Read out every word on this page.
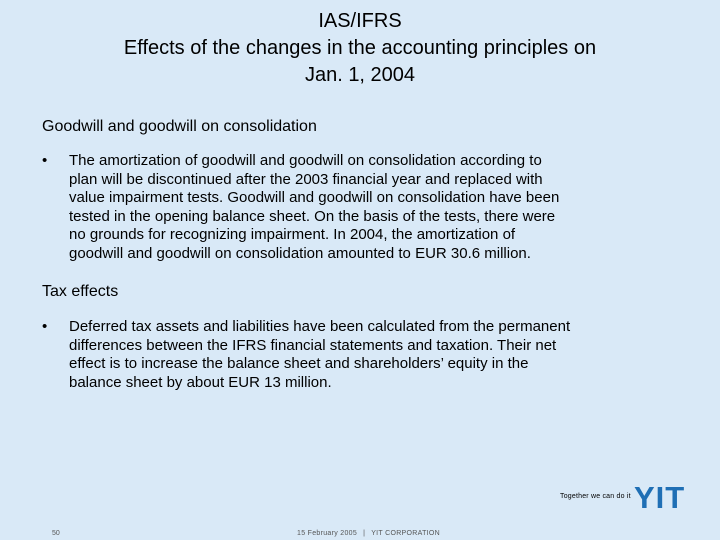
IAS/IFRS
Effects of the changes in the accounting principles on
Jan. 1, 2004
Goodwill and goodwill on consolidation
• The amortization of goodwill and goodwill on consolidation according to
plan will be discontinued after the 2003 financial year and replaced with
value impairment tests. Goodwill and goodwill on consolidation have been
tested in the opening balance sheet. On the basis of the tests, there were
no grounds for recognizing impairment. In 2004, the amortization of
goodwill and goodwill on consolidation amounted to EUR 30.6 million.
Tax effects
• Deferred tax assets and liabilities have been calculated from the permanent
differences between the IFRS financial statements and taxation. Their net
effect is to increase the balance sheet and shareholders’ equity in the
balance sheet by about EUR 13 million.
Together we can do it YIT
50	15 February 2005 | YIT CORPORATION
